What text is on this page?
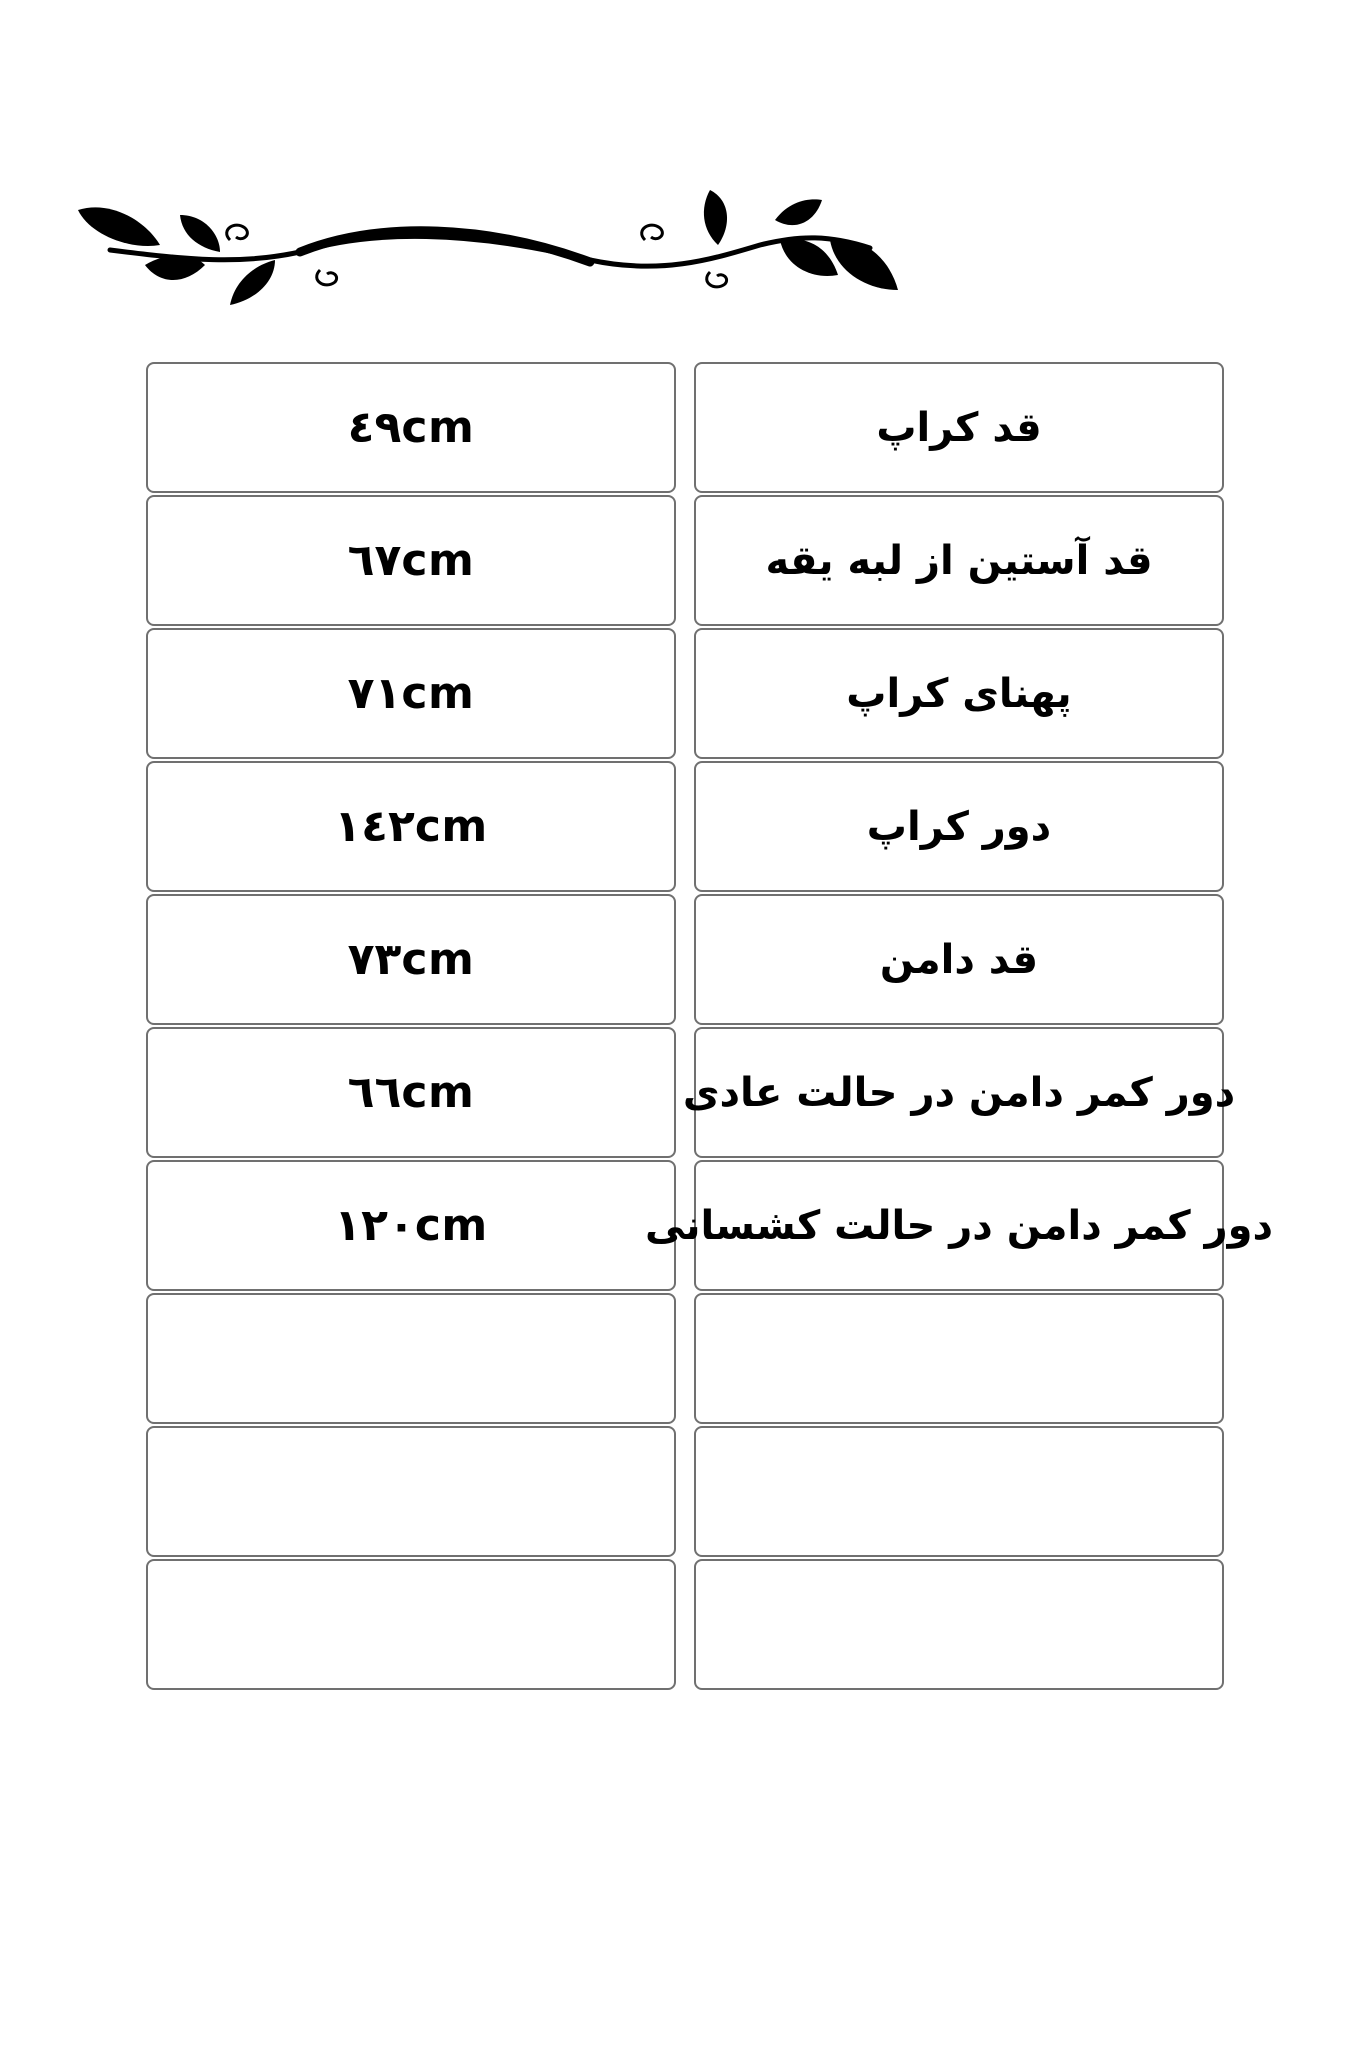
٤٩cm	قد کراپ
٦٧cm	قد آستین از لبه یقه
٧١cm	پهنای کراپ
١٤٢cm	دور کراپ
٧٣cm	قد دامن
٦٦cm	دور کمر دامن در حالت عادی
١٢٠cm	دور کمر دامن در حالت کشسانی
